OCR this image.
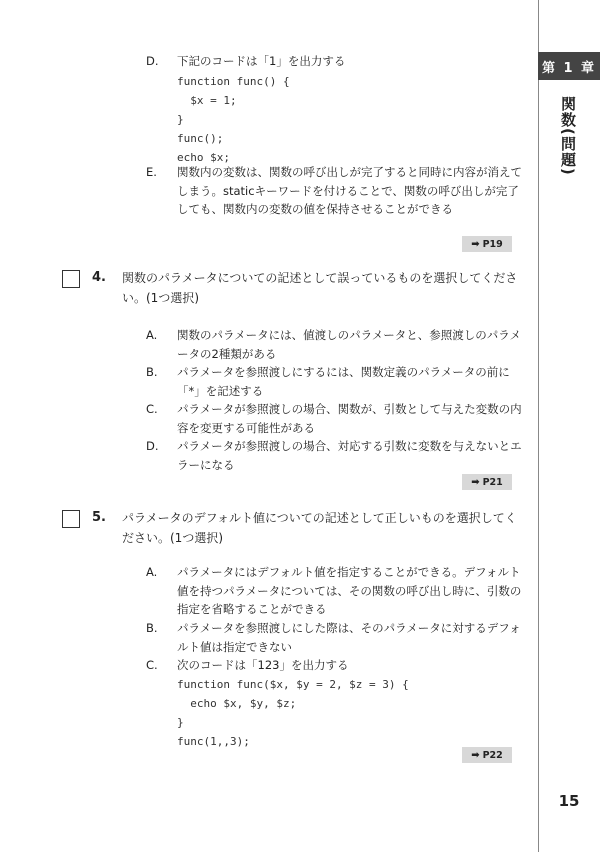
第 1 章
関数(問題)
15
D.	下記のコードは「1」を出力する
function func() {
$x = 1;
}
func();
echo $x;
E.	関数内の変数は、関数の呼び出しが完了すると同時に内容が消えてしまう。staticキーワードを付けることで、関数の呼び出しが完了しても、関数内の変数の値を保持させることができる
➡ P19
4. 関数のパラメータについての記述として誤っているものを選択してください。(1つ選択)
A.	関数のパラメータには、値渡しのパラメータと、参照渡しのパラメータの2種類がある
B.	パラメータを参照渡しにするには、関数定義のパラメータの前に「*」を記述する
C.	パラメータが参照渡しの場合、関数が、引数として与えた変数の内容を変更する可能性がある
D.	パラメータが参照渡しの場合、対応する引数に変数を与えないとエラーになる
➡ P21
5. パラメータのデフォルト値についての記述として正しいものを選択してください。(1つ選択)
A.	パラメータにはデフォルト値を指定することができる。デフォルト値を持つパラメータについては、その関数の呼び出し時に、引数の指定を省略することができる
B.	パラメータを参照渡しにした際は、そのパラメータに対するデフォルト値は指定できない
C.	次のコードは「123」を出力する
function func($x, $y = 2, $z = 3) {
echo $x, $y, $z;
}
func(1,,3);
➡ P22
